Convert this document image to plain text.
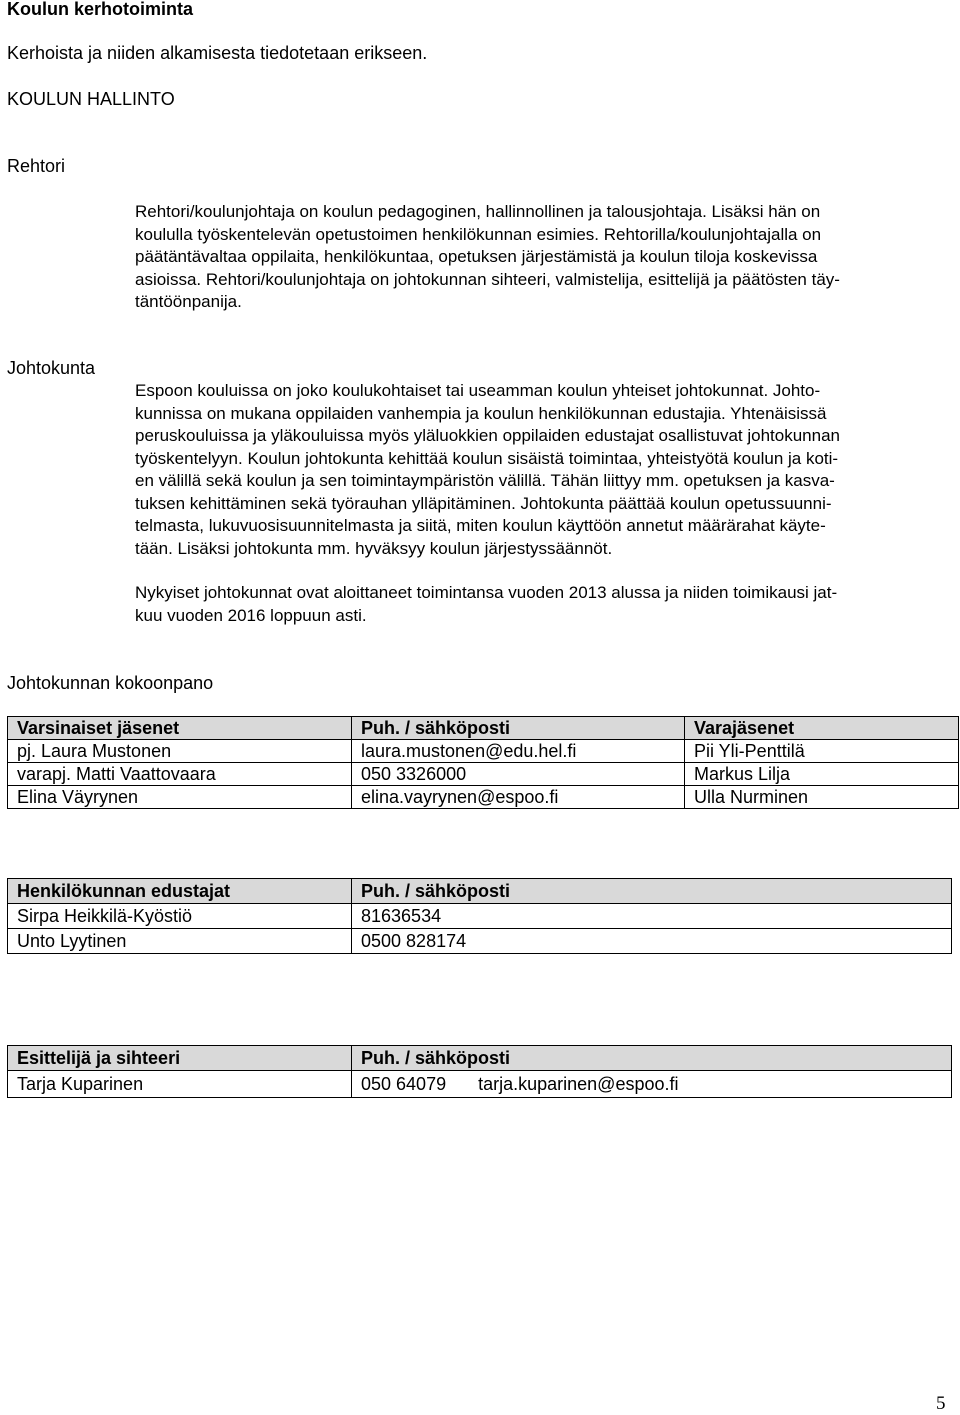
Koulun kerhotoiminta
Kerhoista ja niiden alkamisesta tiedotetaan erikseen.
KOULUN HALLINTO
Rehtori
Rehtori/koulunjohtaja on koulun pedagoginen, hallinnollinen ja talousjohtaja. Lisäksi hän on
koululla työskentelevän opetustoimen henkilökunnan esimies. Rehtorilla/koulunjohtajalla on
päätäntävaltaa oppilaita, henkilökuntaa, opetuksen järjestämistä ja koulun tiloja koskevissa
asioissa. Rehtori/koulunjohtaja on johtokunnan sihteeri, valmistelija, esittelijä ja päätösten täy-
täntöönpanija.
Johtokunta
Espoon kouluissa on joko koulukohtaiset tai useamman koulun yhteiset johtokunnat. Johto-
kunnissa on mukana oppilaiden vanhempia ja koulun henkilökunnan edustajia. Yhtenäisissä
peruskouluissa ja yläkouluissa myös yläluokkien oppilaiden edustajat osallistuvat johtokunnan
työskentelyyn. Koulun johtokunta kehittää koulun sisäistä toimintaa, yhteistyötä koulun ja koti-
en välillä sekä koulun ja sen toimintaympäristön välillä. Tähän liittyy mm. opetuksen ja kasva-
tuksen kehittäminen sekä työrauhan ylläpitäminen. Johtokunta päättää koulun opetussuunni-
telmasta, lukuvuosisuunnitelmasta ja siitä, miten koulun käyttöön annetut määrärahat käyte-
tään. Lisäksi johtokunta mm. hyväksyy koulun järjestyssäännöt.
Nykyiset johtokunnat ovat aloittaneet toimintansa vuoden 2013 alussa ja niiden toimikausi jat-
kuu vuoden 2016 loppuun asti.
Johtokunnan kokoonpano
Varsinaiset jäsenet	Puh. / sähköposti	Varajäsenet
pj. Laura Mustonen	laura.mustonen@edu.hel.fi	Pii Yli-Penttilä
varapj. Matti Vaattovaara	050 3326000	Markus Lilja
Elina Väyrynen	elina.vayrynen@espoo.fi	Ulla Nurminen
Henkilökunnan edustajat	Puh. / sähköposti
Sirpa Heikkilä-Kyöstiö	81636534
Unto Lyytinen	0500 828174
Esittelijä ja sihteeri	Puh. / sähköposti
Tarja Kuparinen	050 64079 tarja.kuparinen@espoo.fi
5
